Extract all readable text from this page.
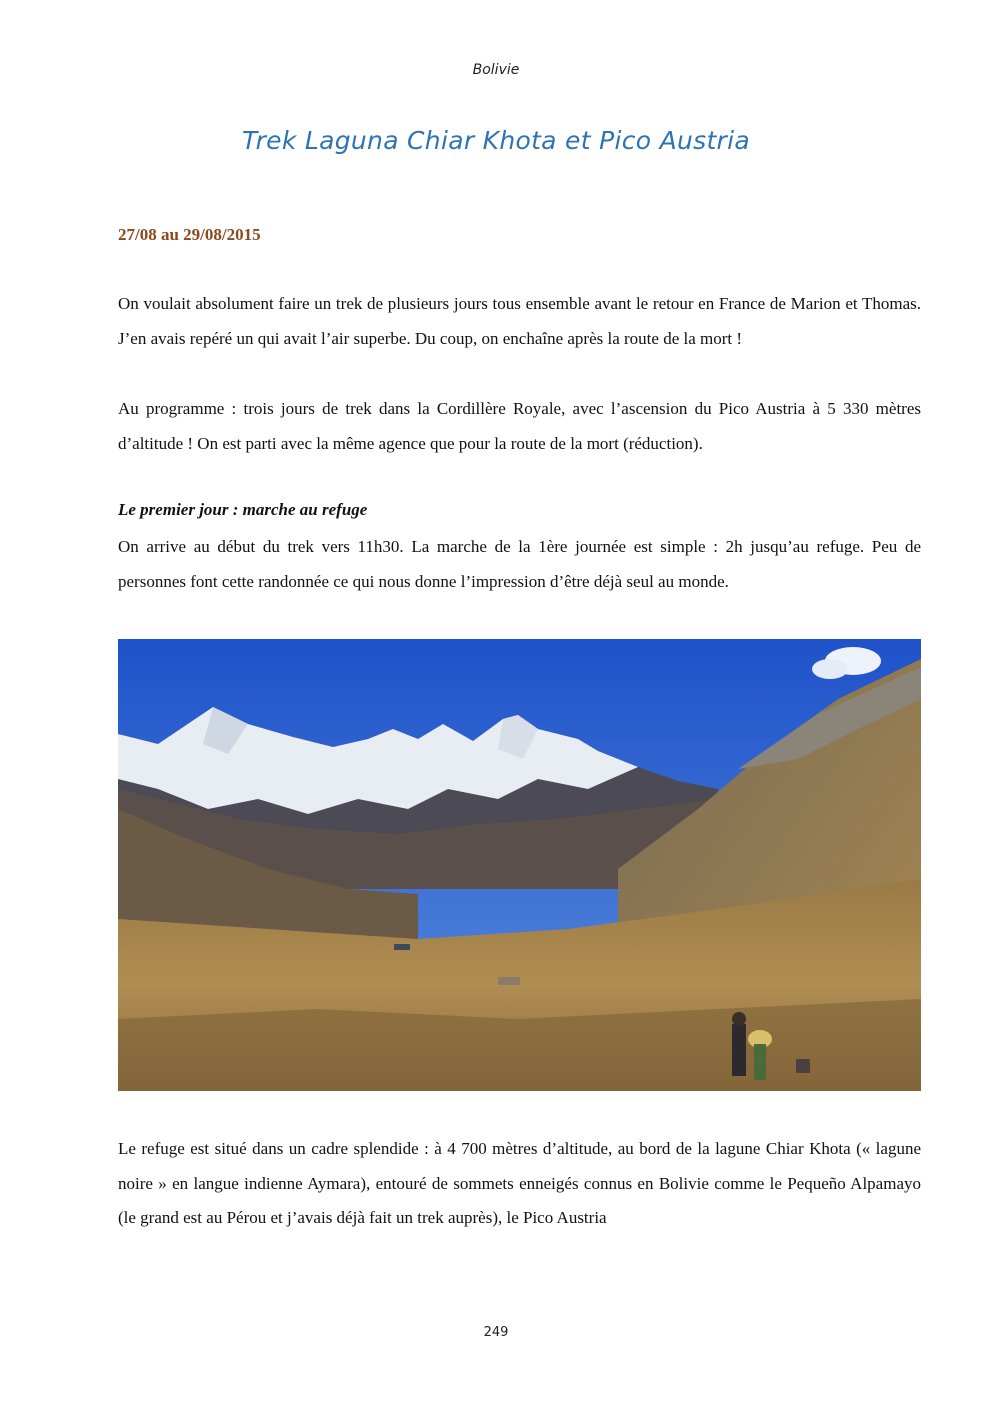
Bolivie
Trek Laguna Chiar Khota et Pico Austria
27/08 au 29/08/2015

On voulait absolument faire un trek de plusieurs jours tous ensemble avant le retour en France de Marion et Thomas. J’en avais repéré un qui avait l’air superbe. Du coup, on enchaîne après la route de la mort !

Au programme : trois jours de trek dans la Cordillère Royale, avec l’ascension du Pico Austria à 5 330 mètres d’altitude ! On est parti avec la même agence que pour la route de la mort (réduction).

Le premier jour : marche au refuge

On arrive au début du trek vers 11h30. La marche de la 1ère journée est simple : 2h jusqu’au refuge. Peu de personnes font cette randonnée ce qui nous donne l’impression d’être déjà seul au monde.

Le refuge est situé dans un cadre splendide : à 4 700 mètres d’altitude, au bord de la lagune Chiar Khota (« lagune noire » en langue indienne Aymara), entouré de sommets enneigés connus en Bolivie comme le Pequeño Alpamayo (le grand est au Pérou et j’avais déjà fait un trek auprès), le Pico Austria

249
